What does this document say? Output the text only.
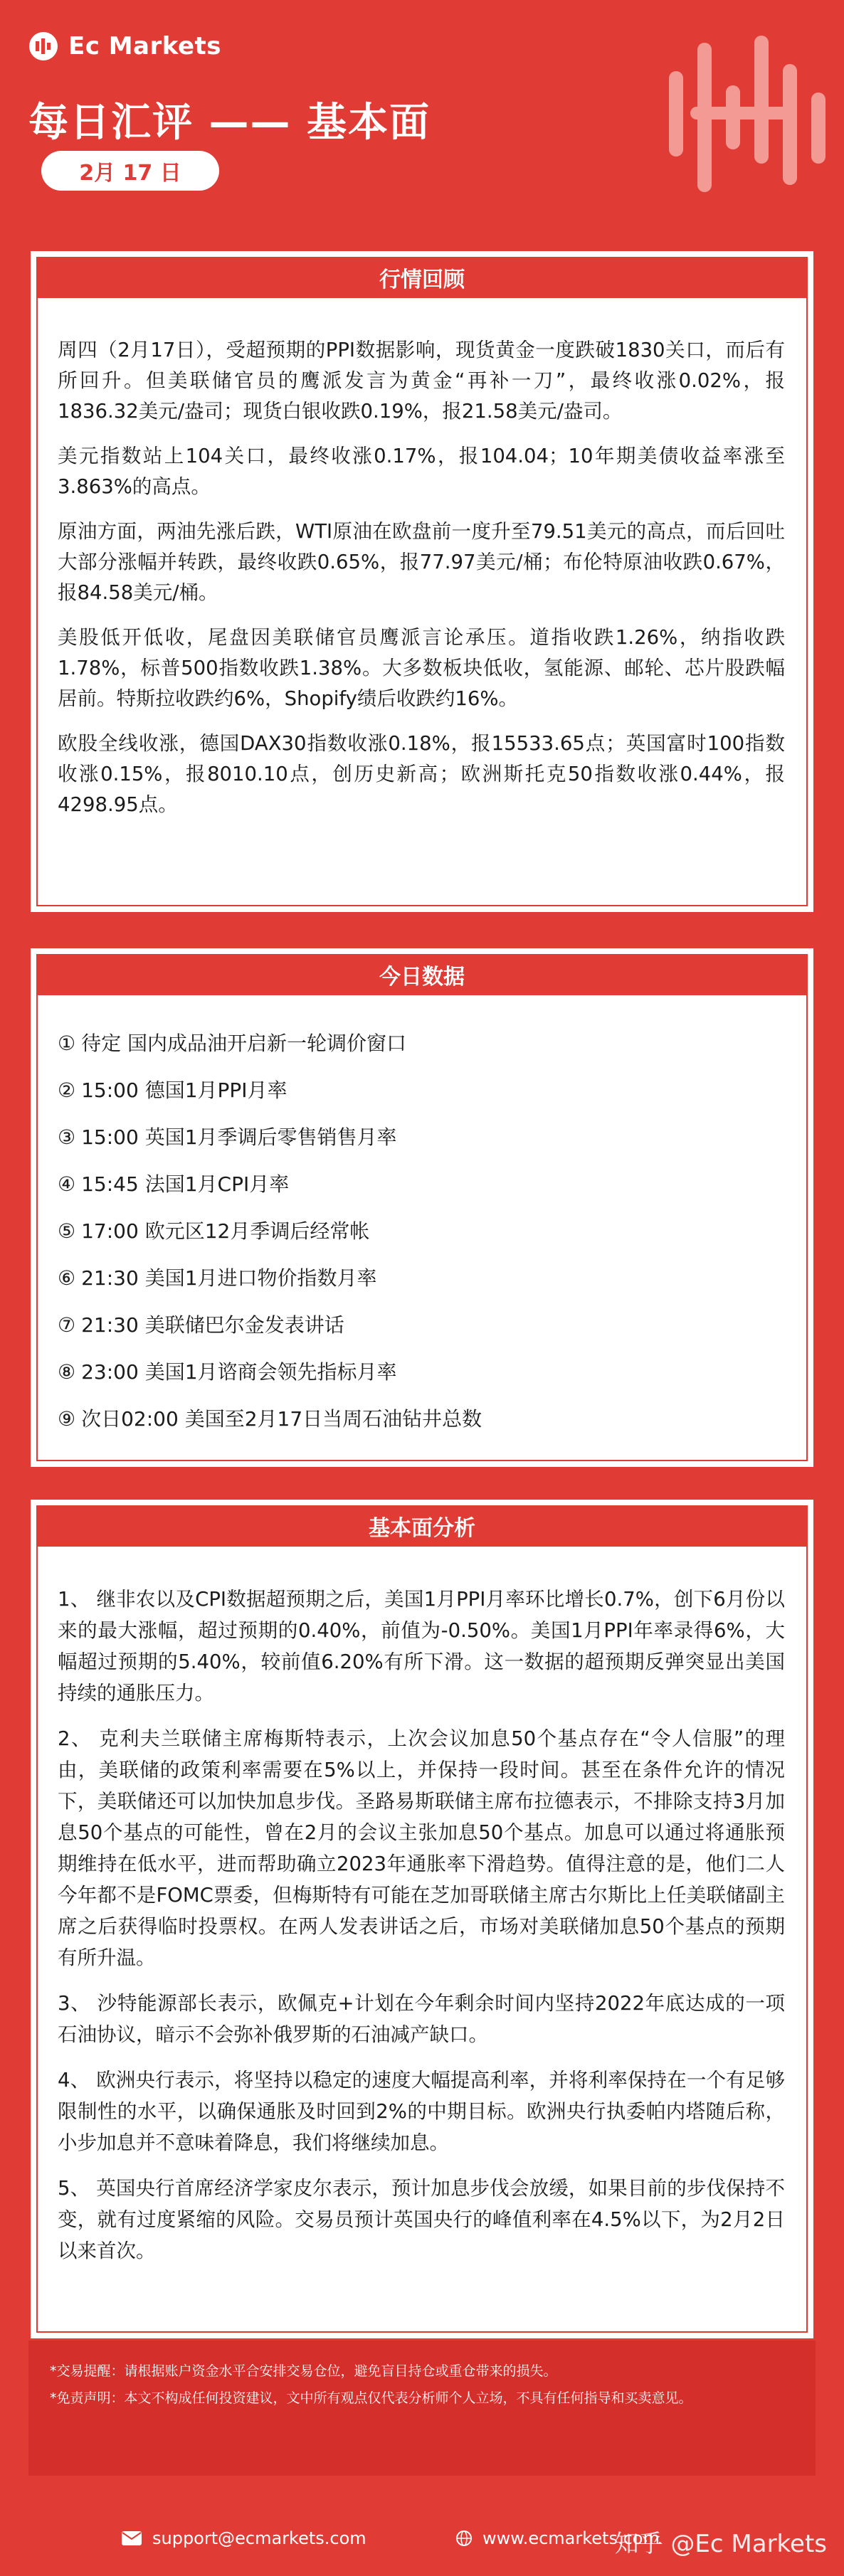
Ec Markets
每日汇评 —— 基本面
2月 17 日
行情回顾

周四（2月17日），受超预期的PPI数据影响，现货黄金一度跌破1830关口，而后有所回升。但美联储官员的鹰派发言为黄金“再补一刀”，最终收涨0.02%，报1836.32美元/盎司；现货白银收跌0.19%，报21.58美元/盎司。

美元指数站上104关口，最终收涨0.17%，报104.04；10年期美债收益率涨至3.863%的高点。

原油方面，两油先涨后跌，WTI原油在欧盘前一度升至79.51美元的高点，而后回吐大部分涨幅并转跌，最终收跌0.65%，报77.97美元/桶；布伦特原油收跌0.67%，报84.58美元/桶。

美股低开低收，尾盘因美联储官员鹰派言论承压。道指收跌1.26%，纳指收跌1.78%，标普500指数收跌1.38%。大多数板块低收，氢能源、邮轮、芯片股跌幅居前。特斯拉收跌约6%，Shopify绩后收跌约16%。

欧股全线收涨，德国DAX30指数收涨0.18%，报15533.65点；英国富时100指数收涨0.15%，报8010.10点，创历史新高；欧洲斯托克50指数收涨0.44%，报4298.95点。

今日数据
① 待定 国内成品油开启新一轮调价窗口
② 15:00 德国1月PPI月率
③ 15:00 英国1月季调后零售销售月率
④ 15:45 法国1月CPI月率
⑤ 17:00 欧元区12月季调后经常帐
⑥ 21:30 美国1月进口物价指数月率
⑦ 21:30 美联储巴尔金发表讲话
⑧ 23:00 美国1月谘商会领先指标月率
⑨ 次日02:00 美国至2月17日当周石油钻井总数
基本面分析

1、 继非农以及CPI数据超预期之后，美国1月PPI月率环比增长0.7%，创下6月份以来的最大涨幅，超过预期的0.40%，前值为-0.50%。美国1月PPI年率录得6%，大幅超过预期的5.40%，较前值6.20%有所下滑。这一数据的超预期反弹突显出美国持续的通胀压力。

2、 克利夫兰联储主席梅斯特表示，上次会议加息50个基点存在“令人信服”的理由，美联储的政策利率需要在5%以上，并保持一段时间。甚至在条件允许的情况下，美联储还可以加快加息步伐。圣路易斯联储主席布拉德表示，不排除支持3月加息50个基点的可能性，曾在2月的会议主张加息50个基点。加息可以通过将通胀预期维持在低水平，进而帮助确立2023年通胀率下滑趋势。值得注意的是，他们二人今年都不是FOMC票委，但梅斯特有可能在芝加哥联储主席古尔斯比上任美联储副主席之后获得临时投票权。在两人发表讲话之后，市场对美联储加息50个基点的预期有所升温。

3、 沙特能源部长表示，欧佩克+计划在今年剩余时间内坚持2022年底达成的一项石油协议，暗示不会弥补俄罗斯的石油减产缺口。

4、 欧洲央行表示，将坚持以稳定的速度大幅提高利率，并将利率保持在一个有足够限制性的水平，以确保通胀及时回到2%的中期目标。欧洲央行执委帕内塔随后称，小步加息并不意味着降息，我们将继续加息。

5、 英国央行首席经济学家皮尔表示，预计加息步伐会放缓，如果目前的步伐保持不变，就有过度紧缩的风险。交易员预计英国央行的峰值利率在4.5%以下，为2月2日以来首次。

*交易提醒：请根据账户资金水平合安排交易仓位，避免盲目持仓或重仓带来的损失。

*免责声明：本文不构成任何投资建议，文中所有观点仅代表分析师个人立场，不具有任何指导和买卖意见。

support@ecmarkets.com	www.ecmarkets.com
知乎 @Ec Markets
